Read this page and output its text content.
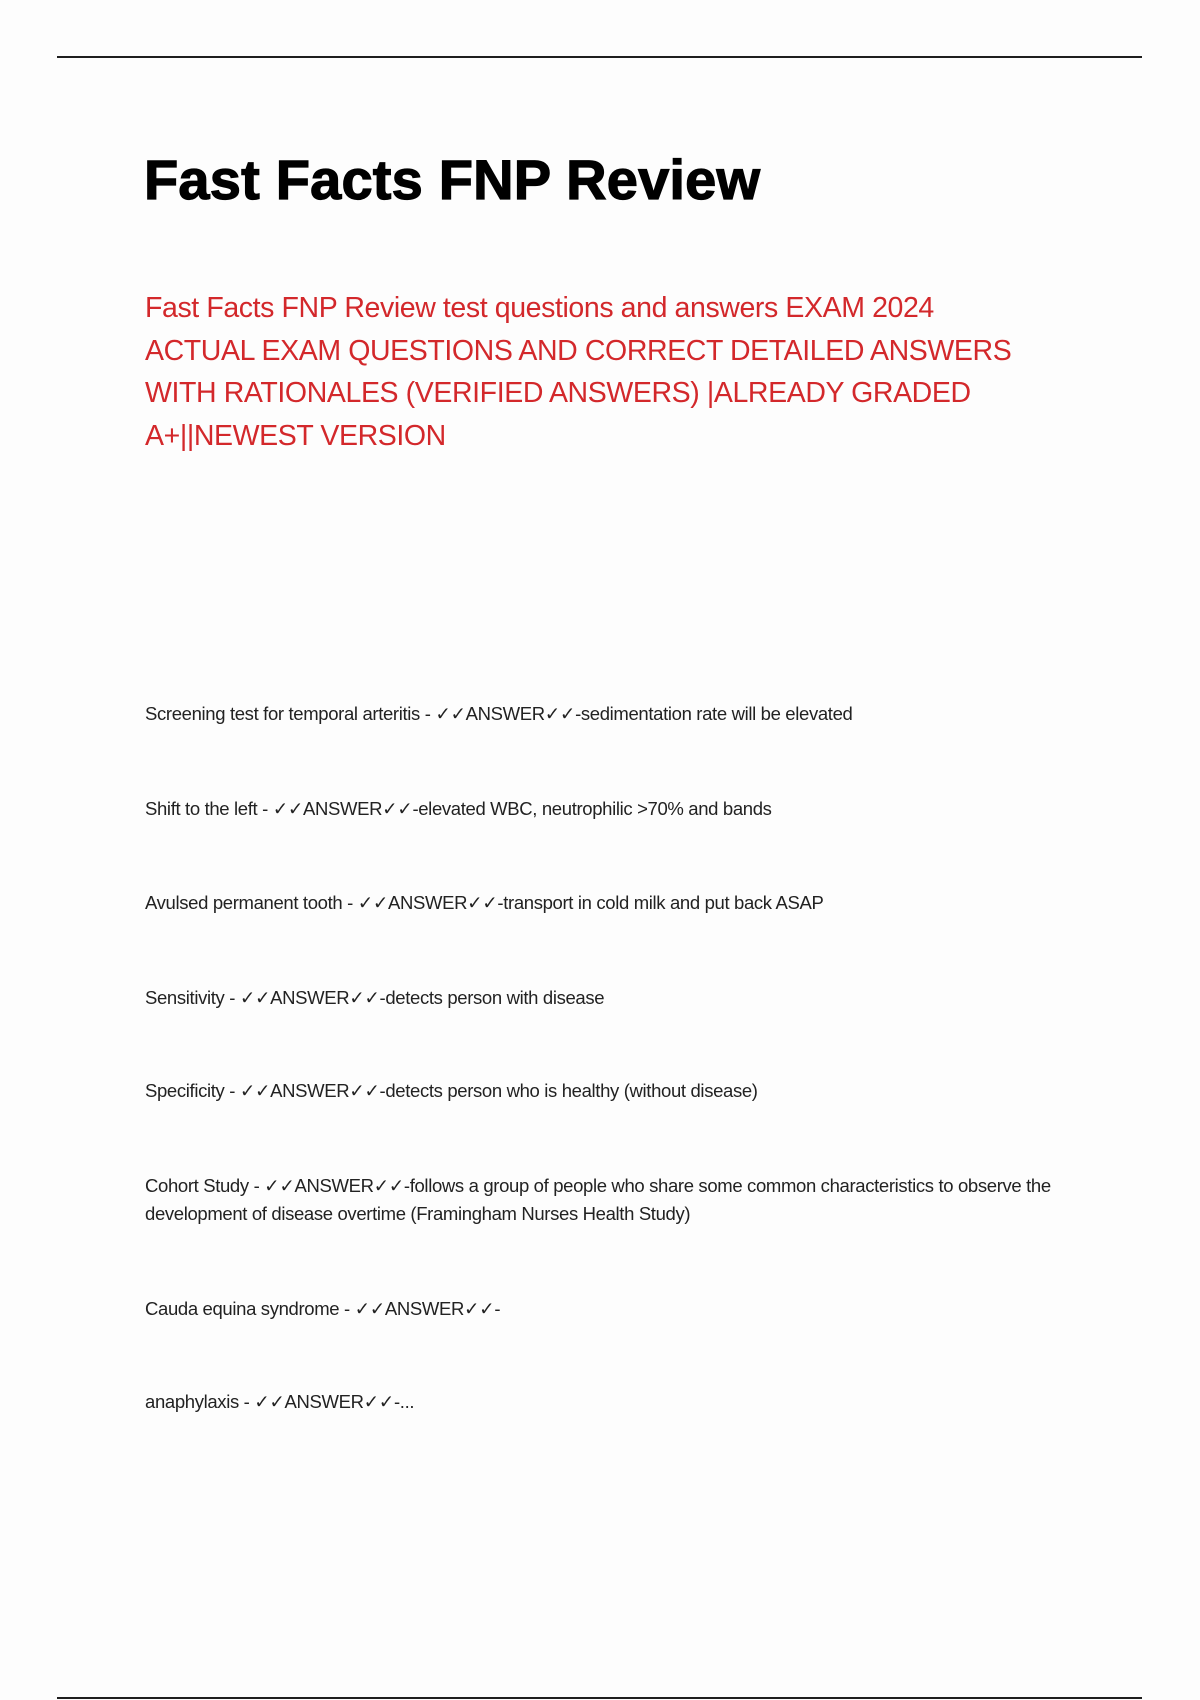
Fast Facts FNP Review

Fast Facts FNP Review test questions and answers EXAM 2024
ACTUAL EXAM QUESTIONS AND CORRECT DETAILED ANSWERS
WITH RATIONALES (VERIFIED ANSWERS) |ALREADY GRADED
A+||NEWEST VERSION

Screening test for temporal arteritis - ✓✓ANSWER✓✓-sedimentation rate will be elevated
Shift to the left - ✓✓ANSWER✓✓-elevated WBC, neutrophilic >70% and bands
Avulsed permanent tooth - ✓✓ANSWER✓✓-transport in cold milk and put back ASAP
Sensitivity - ✓✓ANSWER✓✓-detects person with disease
Specificity - ✓✓ANSWER✓✓-detects person who is healthy (without disease)
Cohort Study - ✓✓ANSWER✓✓-follows a group of people who share some common characteristics to observe the development of disease overtime (Framingham Nurses Health Study)
Cauda equina syndrome - ✓✓ANSWER✓✓-
anaphylaxis - ✓✓ANSWER✓✓-...
